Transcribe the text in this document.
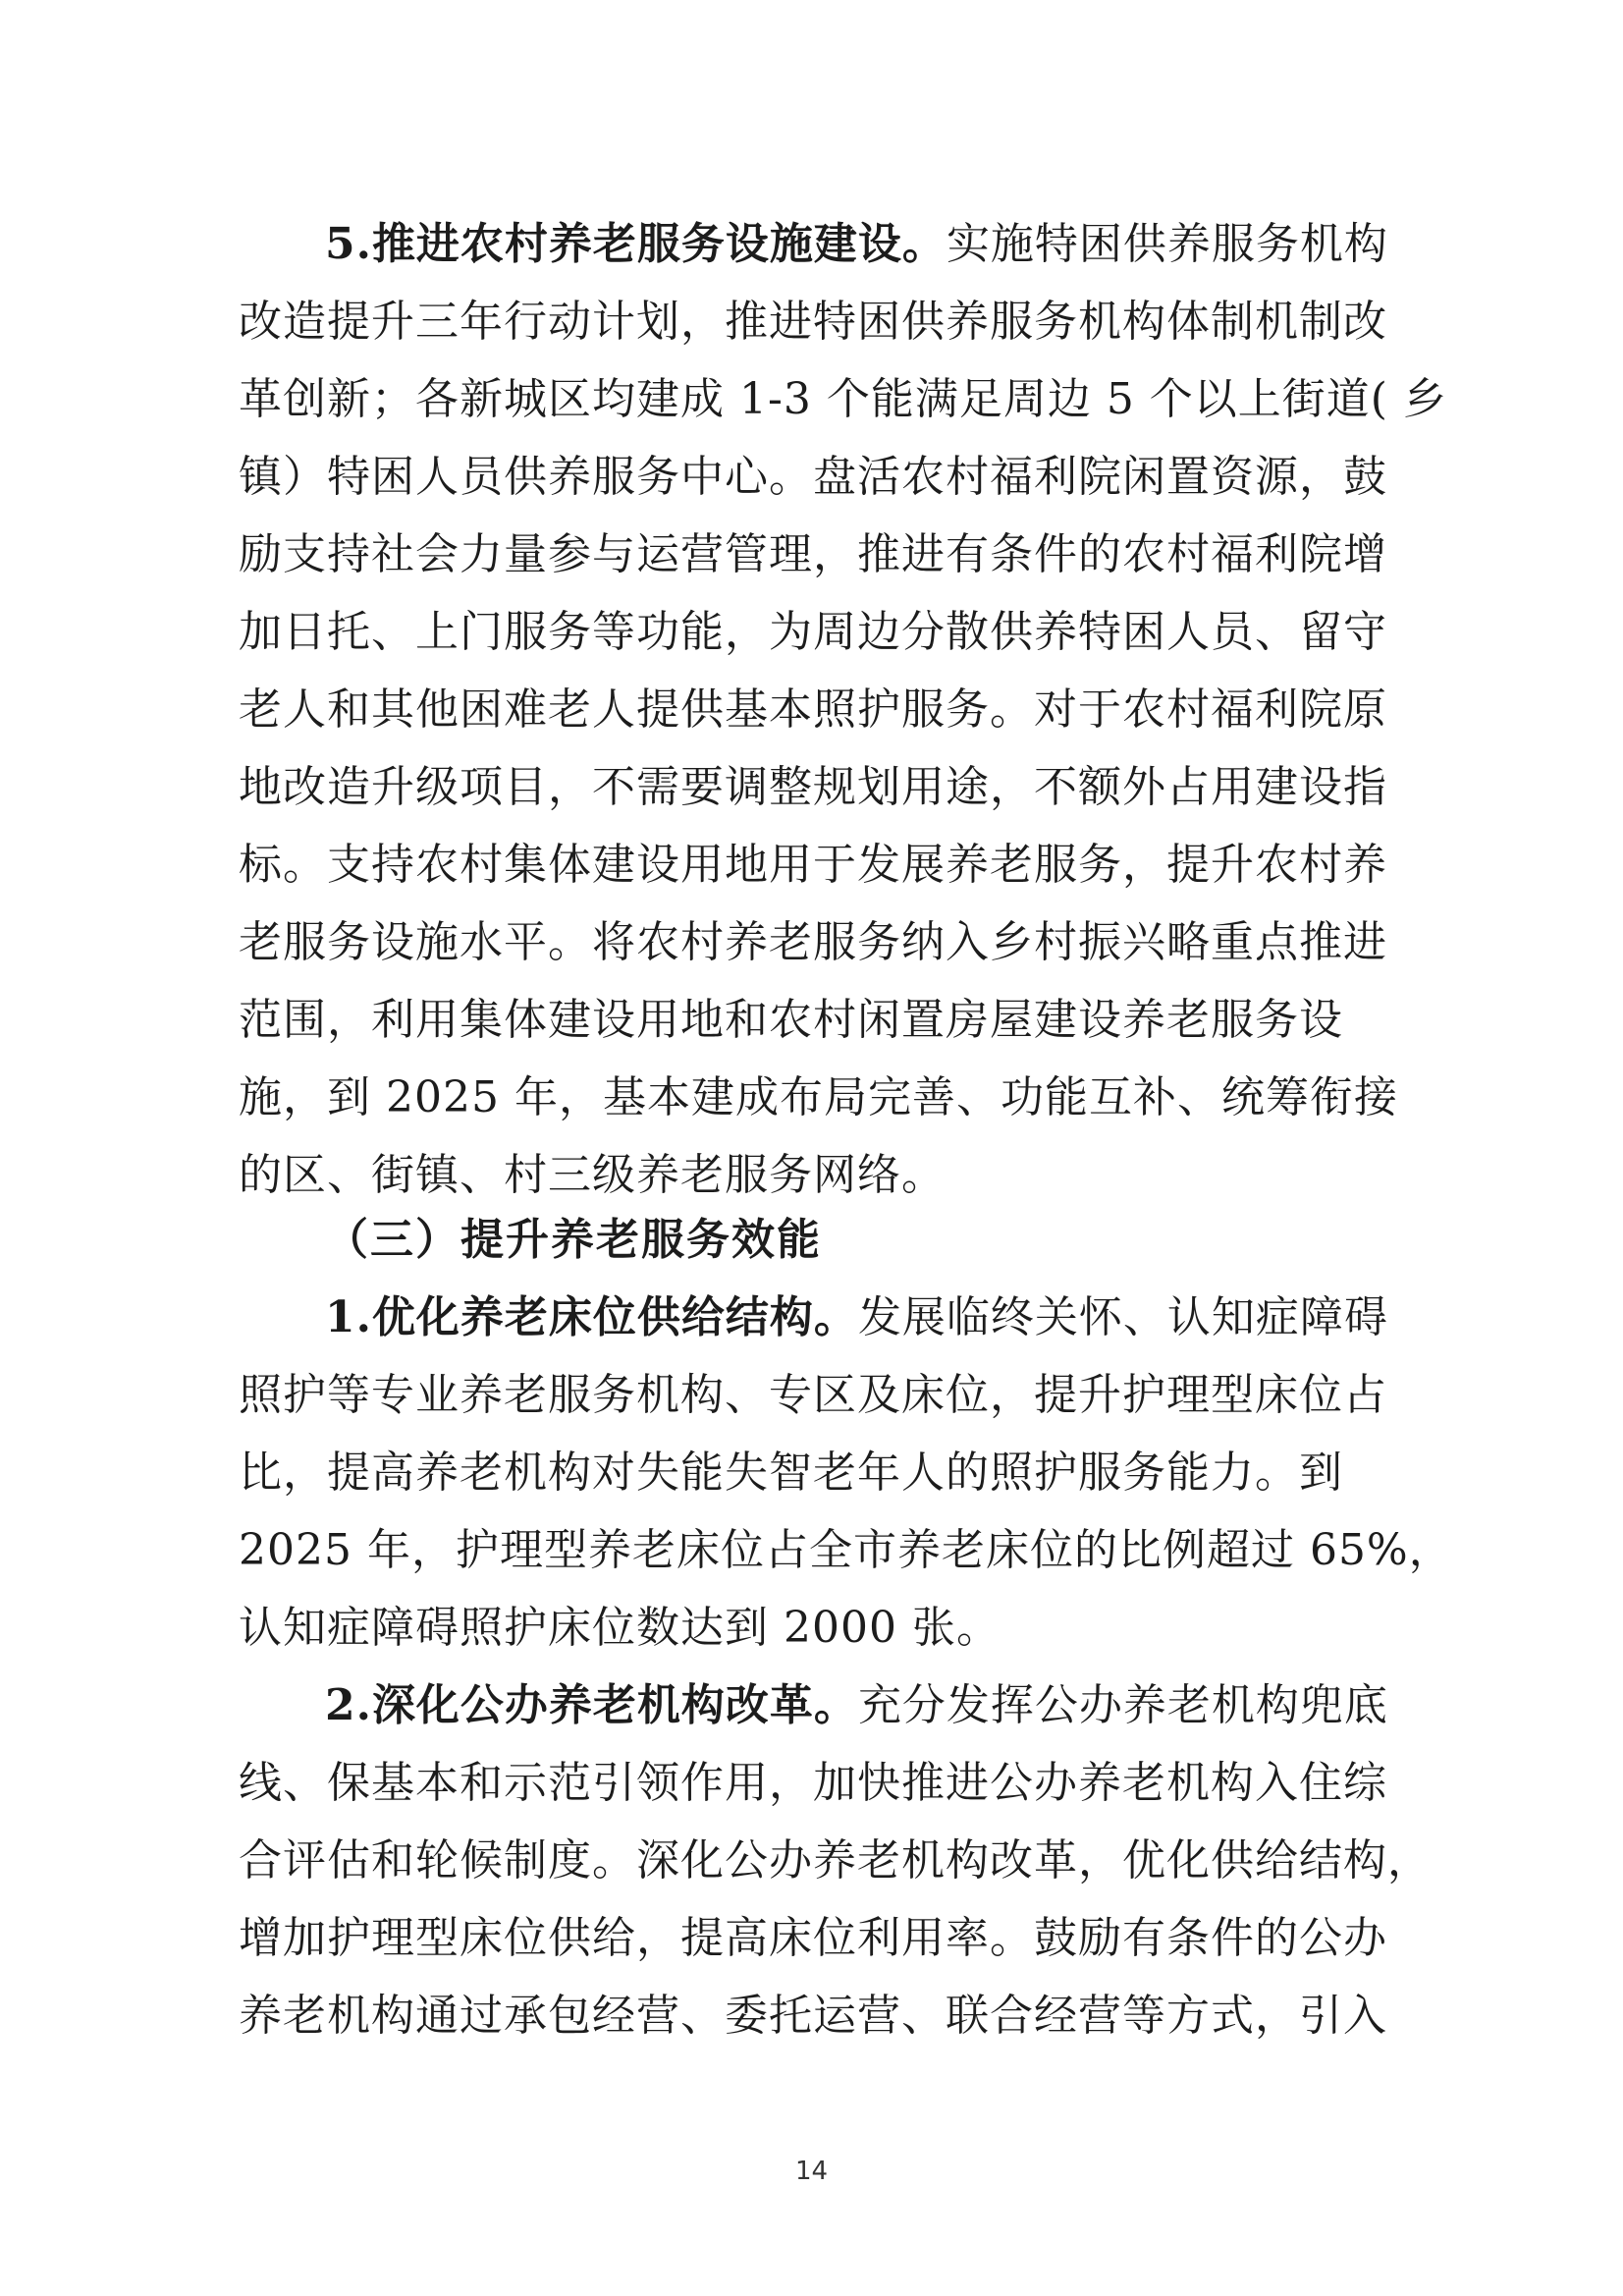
5.推进农村养老服务设施建设。实施特困供养服务机构
改造提升三年行动计划，推进特困供养服务机构体制机制改
革创新；各新城区均建成 1-3 个能满足周边 5 个以上街道( 乡
镇）特困人员供养服务中心。盘活农村福利院闲置资源，鼓
励支持社会力量参与运营管理，推进有条件的农村福利院增
加日托、上门服务等功能，为周边分散供养特困人员、留守
老人和其他困难老人提供基本照护服务。对于农村福利院原
地改造升级项目，不需要调整规划用途，不额外占用建设指
标。支持农村集体建设用地用于发展养老服务，提升农村养
老服务设施水平。将农村养老服务纳入乡村振兴略重点推进
范围，利用集体建设用地和农村闲置房屋建设养老服务设
施，到 2025 年，基本建成布局完善、功能互补、统筹衔接
的区、街镇、村三级养老服务网络。
（三）提升养老服务效能
1.优化养老床位供给结构。发展临终关怀、认知症障碍
照护等专业养老服务机构、专区及床位，提升护理型床位占
比，提高养老机构对失能失智老年人的照护服务能力。到
2025 年，护理型养老床位占全市养老床位的比例超过 65%，
认知症障碍照护床位数达到 2000 张。
2.深化公办养老机构改革。充分发挥公办养老机构兜底
线、保基本和示范引领作用，加快推进公办养老机构入住综
合评估和轮候制度。深化公办养老机构改革，优化供给结构，
增加护理型床位供给，提高床位利用率。鼓励有条件的公办
养老机构通过承包经营、委托运营、联合经营等方式，引入
14
